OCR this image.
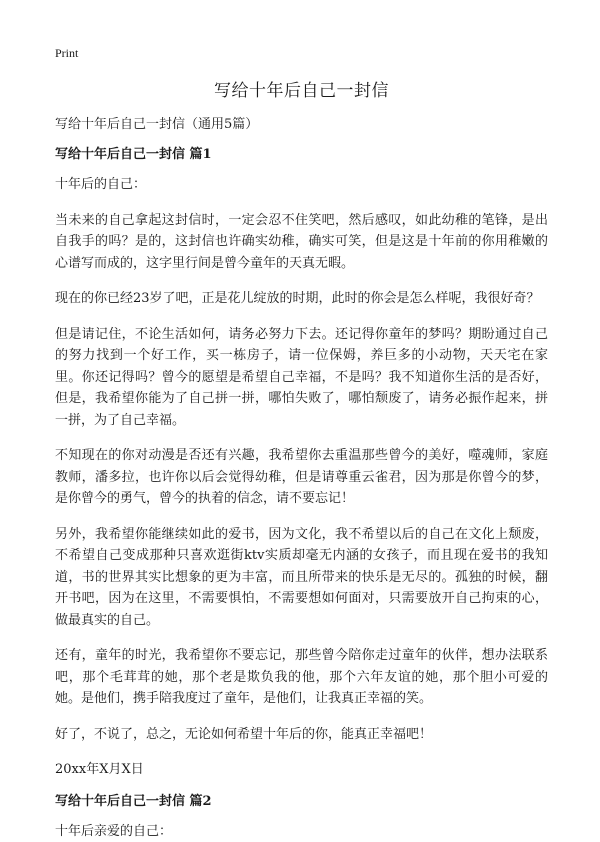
Print
写给十年后自己一封信
写给十年后自己一封信（通用5篇）
写给十年后自己一封信 篇1

十年后的自己：

当未来的自己拿起这封信时，一定会忍不住笑吧，然后感叹，如此幼稚的笔锋，是出自我手的吗？是的，这封信也许确实幼稚，确实可笑，但是这是十年前的你用稚嫩的心谱写而成的，这字里行间是曾今童年的天真无暇。

现在的你已经23岁了吧，正是花儿绽放的时期，此时的你会是怎么样呢，我很好奇？

但是请记住，不论生活如何，请务必努力下去。还记得你童年的梦吗？期盼通过自己的努力找到一个好工作，买一栋房子，请一位保姆，养巨多的小动物，天天宅在家里。你还记得吗？曾今的愿望是希望自己幸福，不是吗？我不知道你生活的是否好，但是，我希望你能为了自己拼一拼，哪怕失败了，哪怕颓废了，请务必振作起来，拼一拼，为了自己幸福。

不知现在的你对动漫是否还有兴趣，我希望你去重温那些曾今的美好，噬魂师，家庭教师，潘多拉，也许你以后会觉得幼稚，但是请尊重云雀君，因为那是你曾今的梦，是你曾今的勇气，曾今的执着的信念，请不要忘记！

另外，我希望你能继续如此的爱书，因为文化，我不希望以后的自己在文化上颓废，不希望自己变成那种只喜欢逛街ktv实质却毫无内涵的女孩子，而且现在爱书的我知道，书的世界其实比想象的更为丰富，而且所带来的快乐是无尽的。孤独的时候，翻开书吧，因为在这里，不需要惧怕，不需要想如何面对，只需要放开自己拘束的心，做最真实的自己。

还有，童年的时光，我希望你不要忘记，那些曾今陪你走过童年的伙伴，想办法联系吧，那个毛茸茸的她，那个老是欺负我的他，那个六年友谊的她，那个胆小可爱的她。是他们，携手陪我度过了童年，是他们，让我真正幸福的笑。

好了，不说了，总之，无论如何希望十年后的你，能真正幸福吧！

20xx年X月X日

写给十年后自己一封信 篇2

十年后亲爱的自己：
